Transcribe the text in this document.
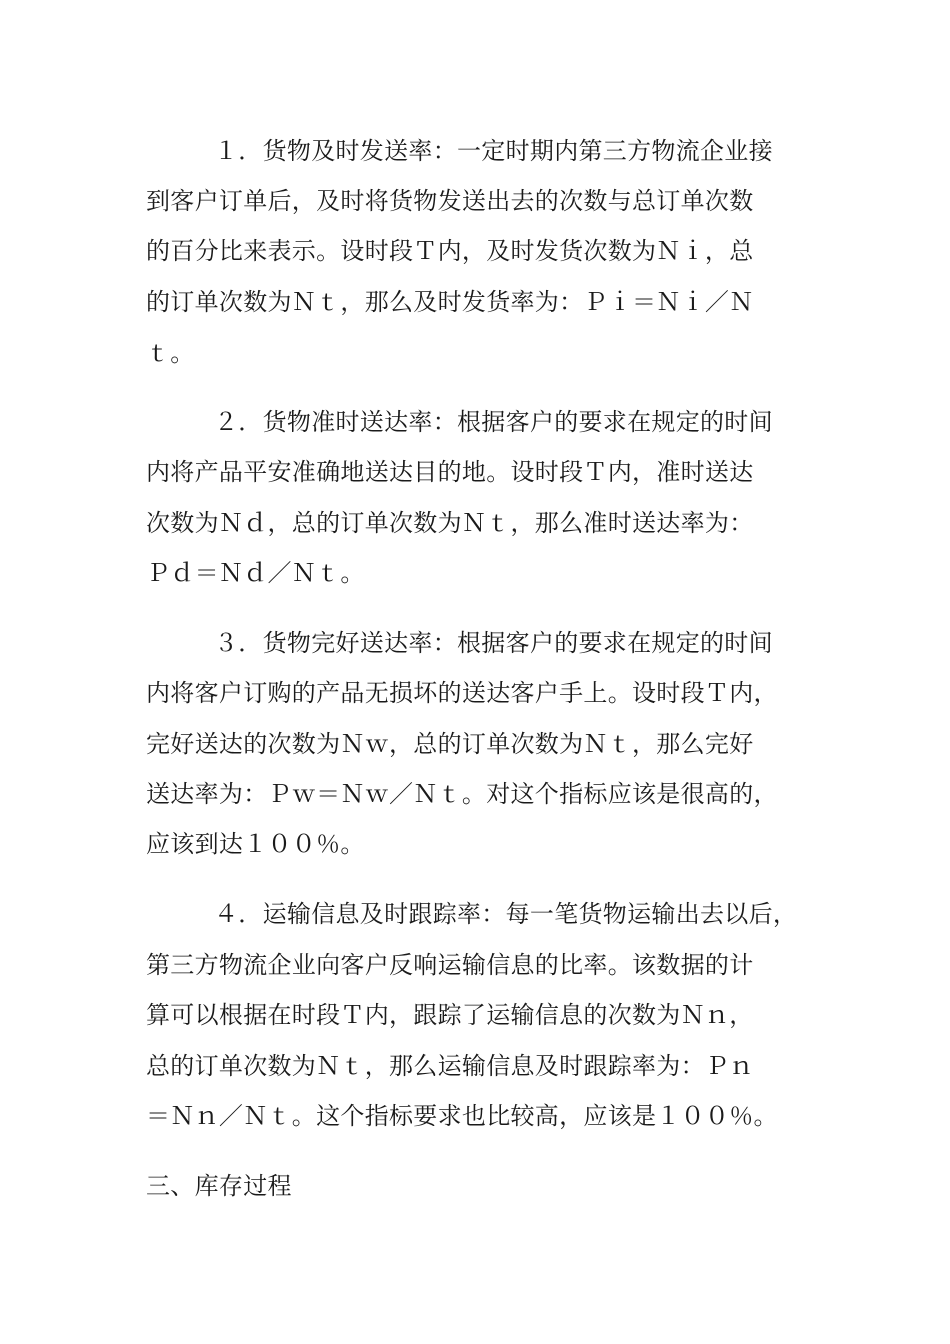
１．货物及时发送率：一定时期内第三方物流企业接

到客户订单后，及时将货物发送出去的次数与总订单次数

的百分比来表示。设时段Ｔ内，及时发货次数为Ｎｉ，总

的订单次数为Ｎｔ，那么及时发货率为：Ｐｉ＝Ｎｉ／Ｎ

ｔ。

２．货物准时送达率：根据客户的要求在规定的时间

内将产品平安准确地送达目的地。设时段Ｔ内，准时送达

次数为Ｎｄ，总的订单次数为Ｎｔ，那么准时送达率为：

Ｐｄ＝Ｎｄ／Ｎｔ。

３．货物完好送达率：根据客户的要求在规定的时间

内将客户订购的产品无损坏的送达客户手上。设时段Ｔ内，

完好送达的次数为Ｎｗ，总的订单次数为Ｎｔ，那么完好

送达率为：Ｐｗ＝Ｎｗ／Ｎｔ。对这个指标应该是很高的，

应该到达１００％。

４．运输信息及时跟踪率：每一笔货物运输出去以后，

第三方物流企业向客户反响运输信息的比率。该数据的计

算可以根据在时段Ｔ内，跟踪了运输信息的次数为Ｎｎ，

总的订单次数为Ｎｔ，那么运输信息及时跟踪率为：Ｐｎ

＝Ｎｎ／Ｎｔ。这个指标要求也比较高，应该是１００％。

三、库存过程
